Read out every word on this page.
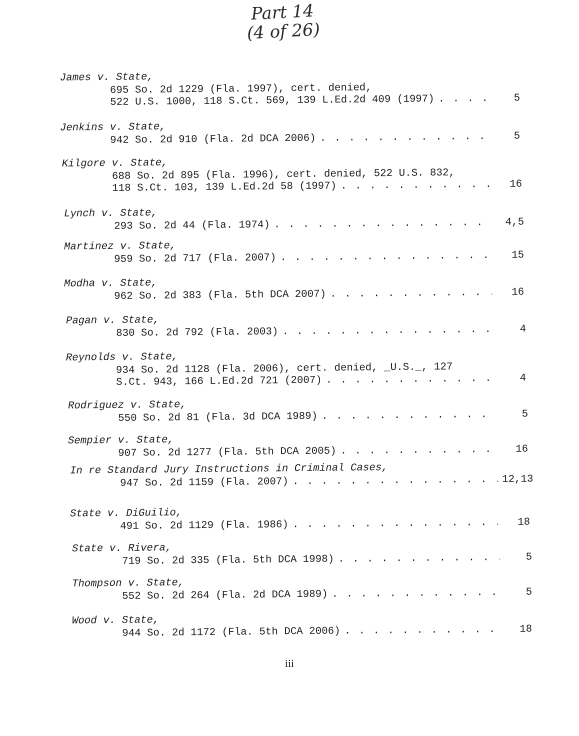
Part 14
(4 of 26)
James v. State,
695 So. 2d 1229 (Fla. 1997), cert. denied,
522 U.S. 1000, 118 S.Ct. 569, 139 L.Ed.2d 409 (1997) . . .	5
Jenkins v. State,
942 So. 2d 910 (Fla. 2d DCA 2006) . . .	5
Kilgore v. State,
688 So. 2d 895 (Fla. 1996), cert. denied, 522 U.S. 832,
118 S.Ct. 103, 139 L.Ed.2d 58 (1997) . . .	16
Lynch v. State,
293 So. 2d 44 (Fla. 1974) . . .	4,5
Martinez v. State,
959 So. 2d 717 (Fla. 2007) . . .	15
Modha v. State,
962 So. 2d 383 (Fla. 5th DCA 2007) . . .	16
Pagan v. State,
830 So. 2d 792 (Fla. 2003) . . .	4
Reynolds v. State,
934 So. 2d 1128 (Fla. 2006), cert. denied, _U.S._, 127
S.Ct. 943, 166 L.Ed.2d 721 (2007) . . .	4
Rodriguez v. State,
550 So. 2d 81 (Fla. 3d DCA 1989) . . .	5
Sempier v. State,
907 So. 2d 1277 (Fla. 5th DCA 2005) . . .	16
In re Standard Jury Instructions in Criminal Cases,
947 So. 2d 1159 (Fla. 2007) . . .	12,13
State v. DiGuilio,
491 So. 2d 1129 (Fla. 1986) . . .	18
State v. Rivera,
719 So. 2d 335 (Fla. 5th DCA 1998) . . .	5
Thompson v. State,
552 So. 2d 264 (Fla. 2d DCA 1989) . . .	5
Wood v. State,
944 So. 2d 1172 (Fla. 5th DCA 2006) . . .	18
iii
